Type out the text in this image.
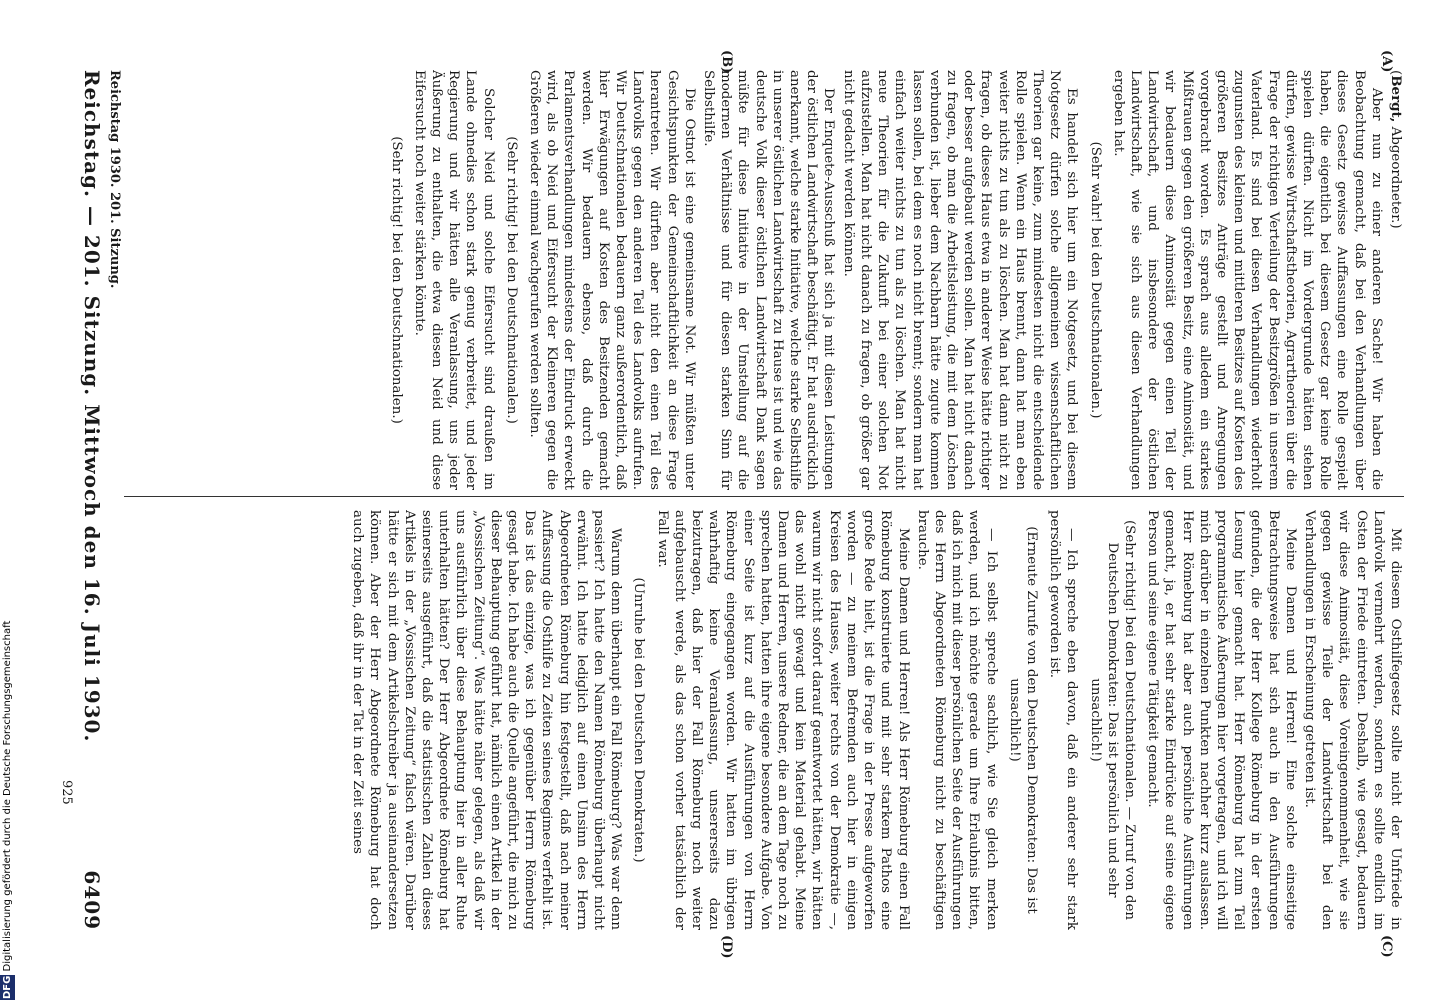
Reichstag. — 201. Sitzung. Mittwoch den 16. Juli 1930. 6409
(A)
(B)
(C)
(D)

(Bergt, Abgeordneter.)

Aber nun zu einer anderen Sache! Wir haben die Beobachtung gemacht, daß bei den Verhandlungen über dieses Gesetz gewisse Auffassungen eine Rolle gespielt haben, die eigentlich bei diesem Gesetz gar keine Rolle spielen dürften. Nicht im Vordergrunde hätten stehen dürfen, gewisse Wirtschaftstheorien, Agrartheorien über die Frage der richtigen Verteilung der Besitzgrößen in unserem Vaterland. Es sind bei diesen Verhandlungen wiederholt zugunsten des kleinen und mittleren Besitzes auf Kosten des größeren Besitzes Anträge gestellt und Anregungen vorgebracht worden. Es sprach aus alledem ein starkes Mißtrauen gegen den größeren Besitz, eine Animosität, und wir bedauern diese Animosität gegen einen Teil der Landwirtschaft, und insbesondere der östlichen Landwirtschaft, wie sie sich aus diesen Verhandlungen ergeben hat.

(Sehr wahr! bei den Deutschnationalen.)

Es handelt sich hier um ein Notgesetz, und bei diesem Notgesetz dürfen solche allgemeinen wissenschaftlichen Theorien gar keine, zum mindesten nicht die entscheidende Rolle spielen. Wenn ein Haus brennt, dann hat man eben weiter nichts zu tun als zu löschen. Man hat dann nicht zu fragen, ob dieses Haus etwa in anderer Weise hätte richtiger oder besser aufgebaut werden sollen. Man hat nicht danach zu fragen, ob man die Arbeitsleistung, die mit dem Löschen verbunden ist, lieber dem Nachbarn hätte zugute kommen lassen sollen, bei dem es noch nicht brennt; sondern man hat einfach weiter nichts zu tun als zu löschen. Man hat nicht neue Theorien für die Zukunft bei einer solchen Not aufzustellen. Man hat nicht danach zu fragen, ob größer gar nicht gedacht werden können.

Der Enquete-Ausschuß hat sich ja mit diesen Leistungen der östlichen Landwirtschaft beschäftigt. Er hat ausdrücklich anerkannt, welche starke Initiative, welche starke Selbsthilfe in unserer östlichen Landwirtschaft zu Hause ist und wie das deutsche Volk dieser östlichen Landwirtschaft Dank sagen müßte für diese Initiative in der Umstellung auf die modernen Verhältnisse und für diesen starken Sinn für Selbsthilfe.

Die Ostnot ist eine gemeinsame Not. Wir müßten unter Gesichtspunkten der Gemeinschaftlichkeit an diese Frage herantreten. Wir dürften aber nicht den einen Teil des Landvolks gegen den anderen Teil des Landvolks aufrufen. Wir Deutschnationalen bedauern ganz außerordentlich, daß hier Erwägungen auf Kosten des Besitzenden gemacht werden. Wir bedauern ebenso, daß durch die Parlamentsverhandlungen mindestens der Eindruck erweckt wird, als ob Neid und Eifersucht der Kleineren gegen die Größeren wieder einmal wachgerufen werden sollten.

(Sehr richtig! bei den Deutschnationalen.)

Solcher Neid und solche Eifersucht sind draußen im Lande ohnedies schon stark genug verbreitet, und jeder Regierung und wir hätten alle Veranlassung, uns jeder Äußerung zu enthalten, die etwa diesen Neid und diese Eifersucht noch weiter stärken könnte.

(Sehr richtig! bei den Deutschnationalen.)

Reichstag 1930. 201. Sitzung.

Mit diesem Osthilfegesetz sollte nicht der Unfriede in Landvolk vermehrt werden, sondern es sollte endlich im Osten der Friede eintreten. Deshalb, wie gesagt, bedauern wir diese Animosität, diese Voreingenommenheit, wie sie gegen gewisse Teile der Landwirtschaft bei den Verhandlungen in Erscheinung getreten ist.

Meine Damen und Herren! Eine solche einseitige Betrachtungsweise hat sich auch in den Ausführungen gefunden, die der Herr Kollege Römeburg in der ersten Lesung hier gemacht hat. Herr Römeburg hat zum Teil programmatische Äußerungen hier vorgetragen, und ich will mich darüber in einzelnen Punkten nachher kurz auslassen. Herr Römeburg hat aber auch persönliche Ausführungen gemacht, ja, er hat sehr starke Eindrücke auf seine eigene Person und seine eigene Tätigkeit gemacht.

(Sehr richtig! bei den Deutschnationalen. — Zuruf von den Deutschen Demokraten: Das ist persönlich und sehr unsachlich!)

— Ich spreche eben davon, daß ein anderer sehr stark persönlich geworden ist.

(Erneute Zurufe von den Deutschen Demokraten: Das ist unsachlich!)

— Ich selbst spreche sachlich, wie Sie gleich merken werden, und ich möchte gerade um Ihre Erlaubnis bitten, daß ich mich mit dieser persönlichen Seite der Ausführungen des Herrn Abgeordneten Römeburg nicht zu beschäftigen brauche.

Meine Damen und Herren! Als Herr Römeburg einen Fall Römeburg konstruierte und mit sehr starkem Pathos eine große Rede hielt, ist die Frage in der Presse aufgeworfen worden — zu meinem Befremden auch hier in einigen Kreisen des Hauses, weiter rechts von der Demokratie —, warum wir nicht sofort darauf geantwortet hätten, wir hätten das wohl nicht gewagt und kein Material gehabt. Meine Damen und Herren, unsere Redner, die an dem Tage noch zu sprechen hatten, hatten ihre eigene besondere Aufgabe. Von einer Seite ist kurz auf die Ausführungen von Herrn Römeburg eingegangen worden. Wir hatten im übrigen wahrhaftig keine Veranlassung, unsererseits dazu beizutragen, daß hier der Fall Römeburg noch weiter aufgebauscht werde, als das schon vorher tatsächlich der Fall war.

(Unruhe bei den Deutschen Demokraten.)

Warum denn überhaupt ein Fall Römeburg? Was war denn passiert? Ich hatte den Namen Römeburg überhaupt nicht erwähnt. Ich hatte lediglich auf einen Unsinn des Herrn Abgeordneten Römeburg hin festgestellt, daß nach meiner Auffassung die Osthilfe zu Zeiten seines Regimes verfehlt ist. Das ist das einzige, was ich gegenüber Herrn Römeburg gesagt habe. Ich habe auch die Quelle angeführt, die mich zu dieser Behauptung geführt hat, nämlich einen Artikel in der „Vossischen Zeitung“. Was hätte näher gelegen, als daß wir uns ausführlich über diese Behauptung hier in aller Ruhe unterhalten hätten? Der Herr Abgeordnete Römeburg hat seinerseits ausgeführt, daß die statistischen Zahlen dieses Artikels in der „Vossischen Zeitung“ falsch wären. Darüber hätte er sich mit dem Artikelschreiber ja auseinandersetzen können. Aber der Herr Abgeordnete Römeburg hat doch auch zugeben, daß ihr in der Tat in der Zeit seines

925
DFG Digitalisierung gefördert durch die Deutsche Forschungsgemeinschaft
